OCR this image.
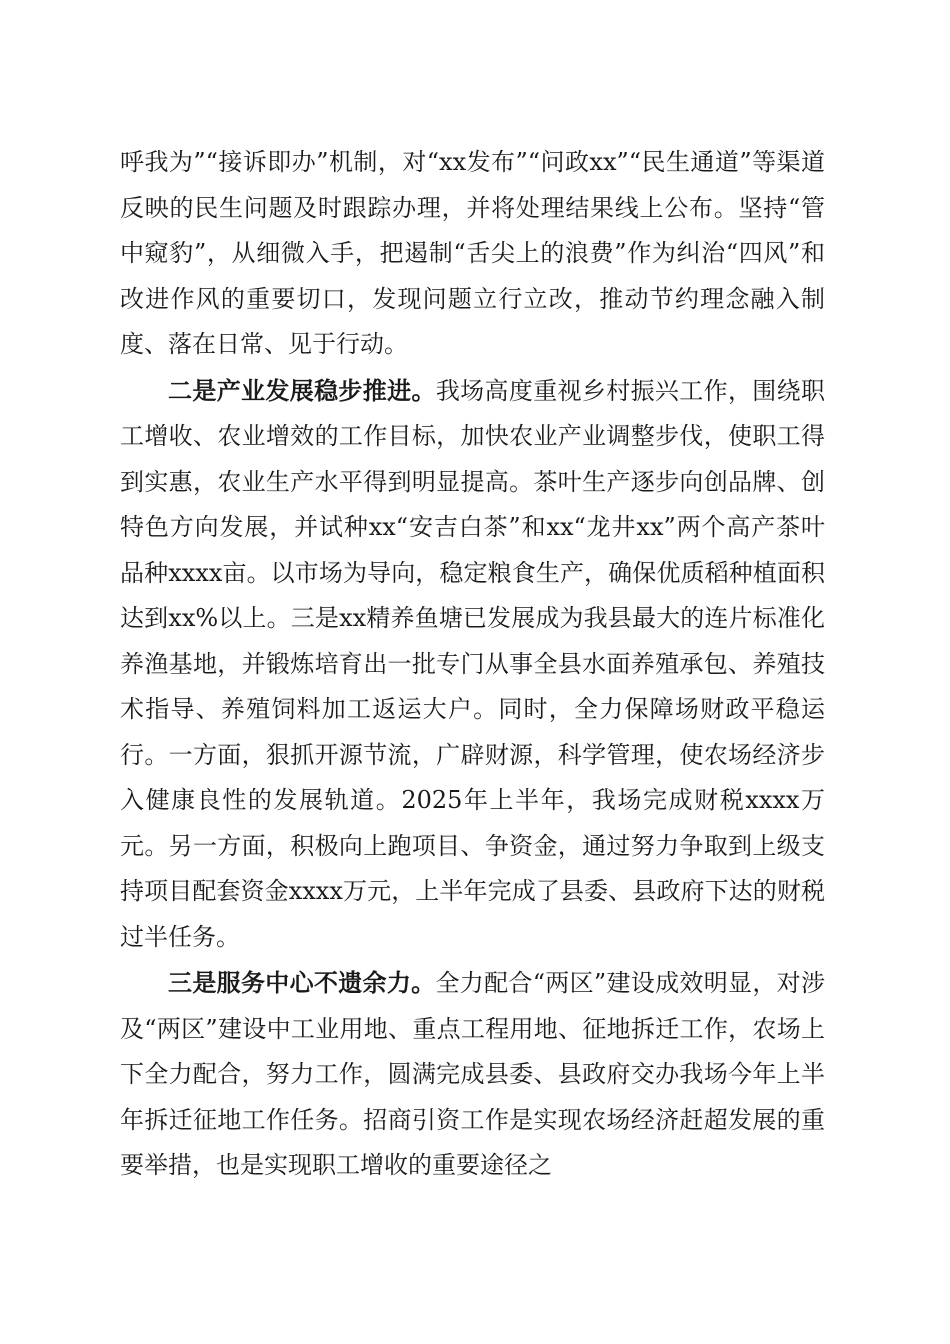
呼我为”“接诉即办”机制，对“xx发布”“问政xx”“民生通道”等渠道反映的民生问题及时跟踪办理，并将处理结果线上公布。坚持“管中窥豹”，从细微入手，把遏制“舌尖上的浪费”作为纠治“四风”和改进作风的重要切口，发现问题立行立改，推动节约理念融入制度、落在日常、见于行动。

二是产业发展稳步推进。我场高度重视乡村振兴工作，围绕职工增收、农业增效的工作目标，加快农业产业调整步伐，使职工得到实惠，农业生产水平得到明显提高。茶叶生产逐步向创品牌、创特色方向发展，并试种xx“安吉白茶”和xx“龙井xx”两个高产茶叶品种xxxx亩。以市场为导向，稳定粮食生产，确保优质稻种植面积达到xx%以上。三是xx精养鱼塘已发展成为我县最大的连片标准化养渔基地，并锻炼培育出一批专门从事全县水面养殖承包、养殖技术指导、养殖饲料加工返运大户。同时，全力保障场财政平稳运行。一方面，狠抓开源节流，广辟财源，科学管理，使农场经济步入健康良性的发展轨道。2025年上半年，我场完成财税xxxx万元。另一方面，积极向上跑项目、争资金，通过努力争取到上级支持项目配套资金xxxx万元，上半年完成了县委、县政府下达的财税过半任务。

三是服务中心不遗余力。全力配合“两区”建设成效明显，对涉及“两区”建设中工业用地、重点工程用地、征地拆迁工作，农场上下全力配合，努力工作，圆满完成县委、县政府交办我场今年上半年拆迁征地工作任务。招商引资工作是实现农场经济赶超发展的重要举措，也是实现职工增收的重要途径之
